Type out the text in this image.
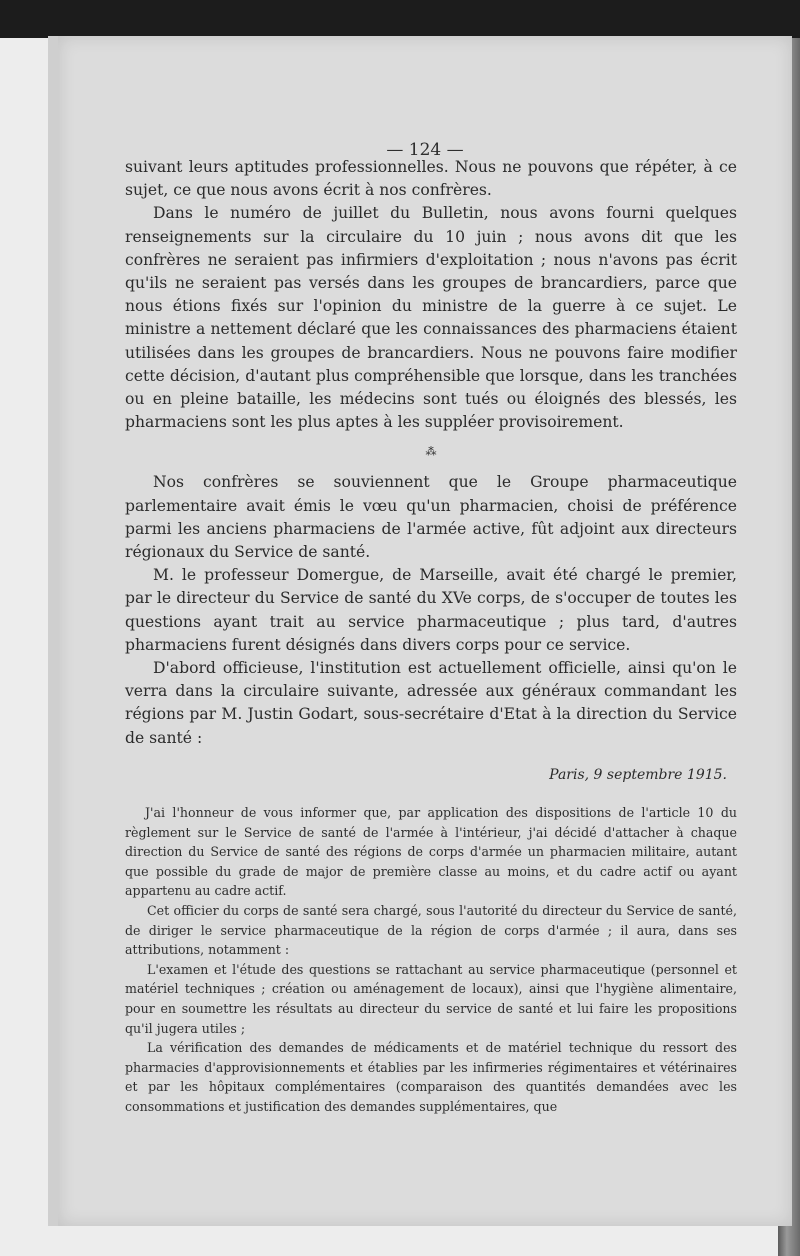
— 124 —

suivant leurs aptitudes professionnelles. Nous ne pouvons que répéter, à ce sujet, ce que nous avons écrit à nos confrères.

Dans le numéro de juillet du Bulletin, nous avons fourni quelques renseignements sur la circulaire du 10 juin ; nous avons dit que les confrères ne seraient pas infirmiers d'exploitation ; nous n'avons pas écrit qu'ils ne seraient pas versés dans les groupes de brancardiers, parce que nous étions fixés sur l'opinion du ministre de la guerre à ce sujet. Le ministre a nettement déclaré que les connaissances des pharmaciens étaient utilisées dans les groupes de brancardiers. Nous ne pouvons faire modifier cette décision, d'autant plus compréhensible que lorsque, dans les tranchées ou en pleine bataille, les médecins sont tués ou éloignés des blessés, les pharmaciens sont les plus aptes à les suppléer provisoirement.

⁂

Nos confrères se souviennent que le Groupe pharmaceutique parlementaire avait émis le vœu qu'un pharmacien, choisi de préférence parmi les anciens pharmaciens de l'armée active, fût adjoint aux directeurs régionaux du Service de santé.

M. le professeur Domergue, de Marseille, avait été chargé le premier, par le directeur du Service de santé du XVe corps, de s'occuper de toutes les questions ayant trait au service pharmaceutique ; plus tard, d'autres pharmaciens furent désignés dans divers corps pour ce service.

D'abord officieuse, l'institution est actuellement officielle, ainsi qu'on le verra dans la circulaire suivante, adressée aux généraux commandant les régions par M. Justin Godart, sous-secrétaire d'Etat à la direction du Service de santé :

Paris, 9 septembre 1915.

J'ai l'honneur de vous informer que, par application des dispositions de l'article 10 du règlement sur le Service de santé de l'armée à l'intérieur, j'ai décidé d'attacher à chaque direction du Service de santé des régions de corps d'armée un pharmacien militaire, autant que possible du grade de major de première classe au moins, et du cadre actif ou ayant appartenu au cadre actif.

Cet officier du corps de santé sera chargé, sous l'autorité du directeur du Service de santé, de diriger le service pharmaceutique de la région de corps d'armée ; il aura, dans ses attributions, notamment :

L'examen et l'étude des questions se rattachant au service pharmaceutique (personnel et matériel techniques ; création ou aménagement de locaux), ainsi que l'hygiène alimentaire, pour en soumettre les résultats au directeur du service de santé et lui faire les propositions qu'il jugera utiles ;

La vérification des demandes de médicaments et de matériel technique du ressort des pharmacies d'approvisionnements et établies par les infirmeries régimentaires et vétérinaires et par les hôpitaux complémentaires (comparaison des quantités demandées avec les consommations et justification des demandes supplémentaires, que
